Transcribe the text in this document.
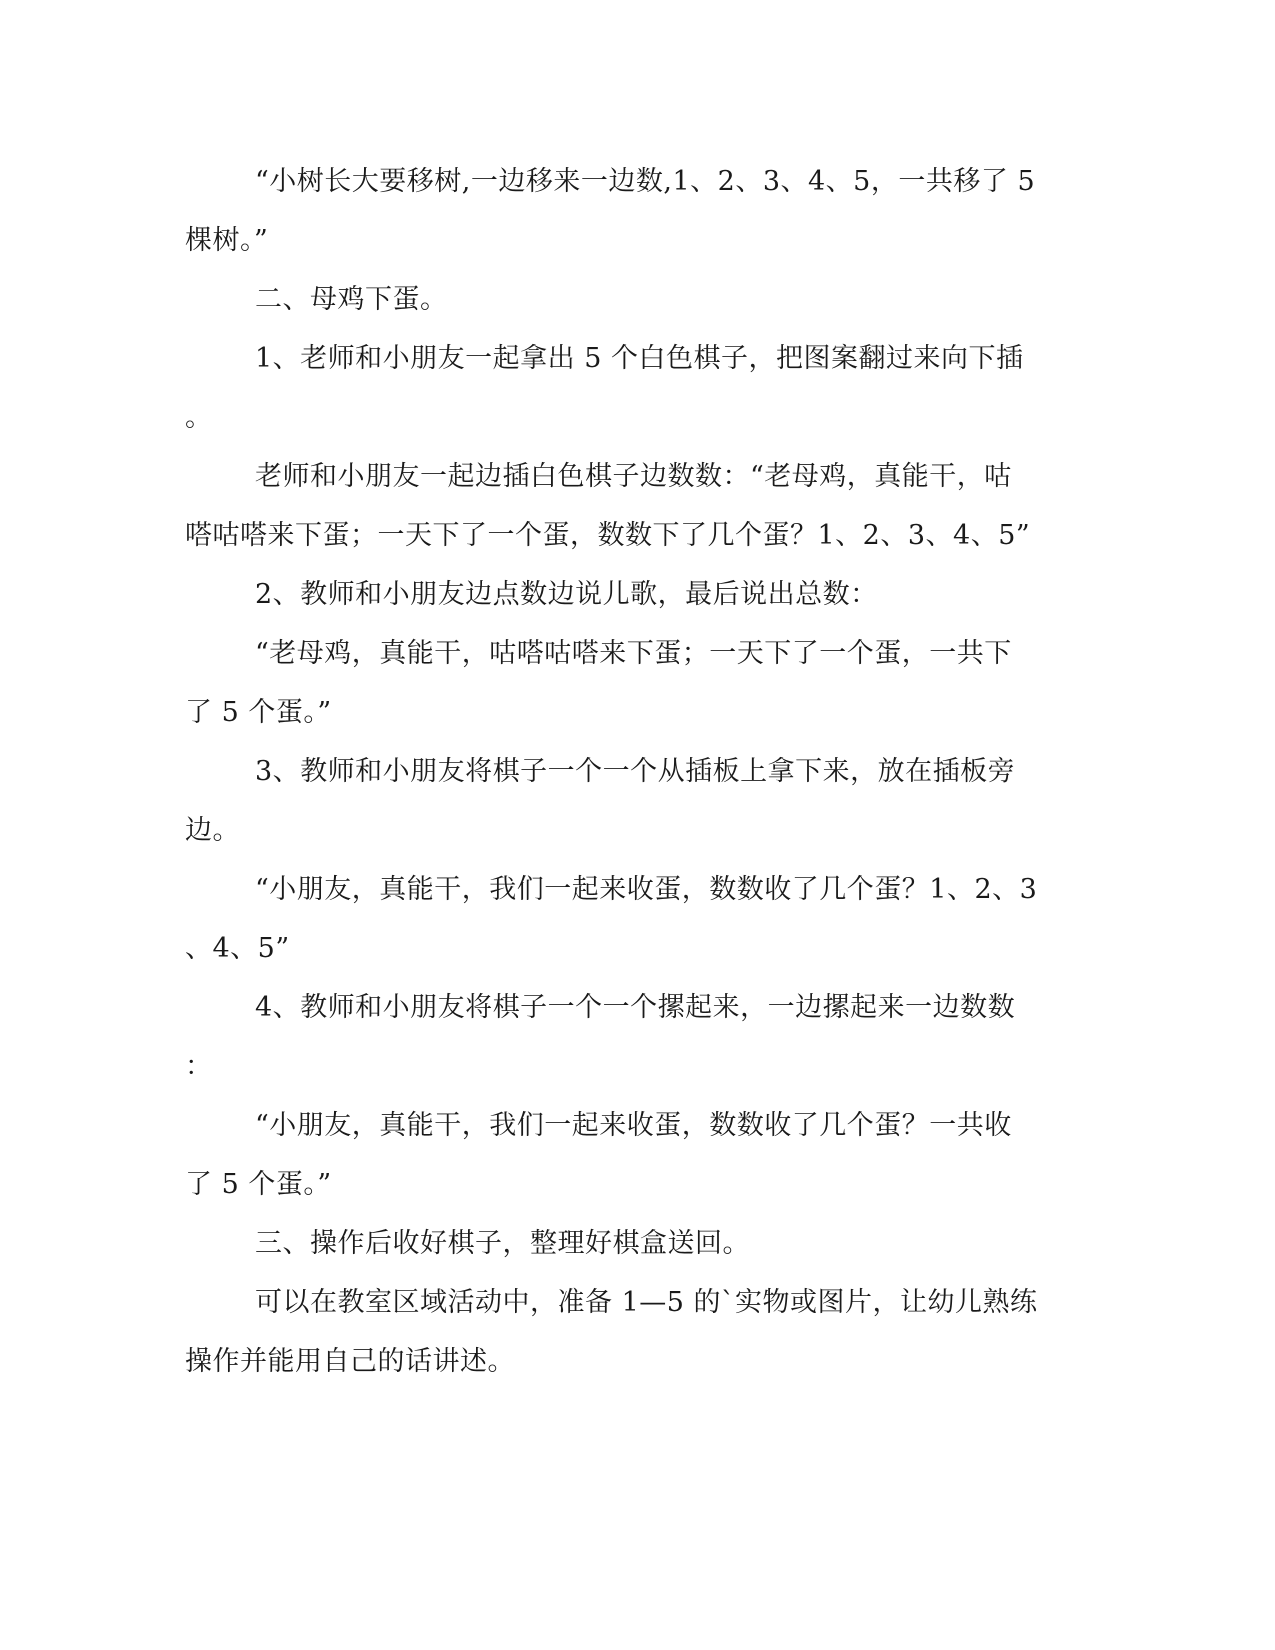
“小树长大要移树,一边移来一边数,1、2、3、4、5，一共移了 5
棵树。”
二、母鸡下蛋。
1、老师和小朋友一起拿出 5 个白色棋子，把图案翻过来向下插
。
老师和小朋友一起边插白色棋子边数数：“老母鸡，真能干，咕
嗒咕嗒来下蛋；一天下了一个蛋，数数下了几个蛋？1、2、3、4、5”
2、教师和小朋友边点数边说儿歌，最后说出总数：
“老母鸡，真能干，咕嗒咕嗒来下蛋；一天下了一个蛋，一共下
了 5 个蛋。”
3、教师和小朋友将棋子一个一个从插板上拿下来，放在插板旁
边。
“小朋友，真能干，我们一起来收蛋，数数收了几个蛋？1、2、3
、4、5”
4、教师和小朋友将棋子一个一个摞起来，一边摞起来一边数数
：
“小朋友，真能干，我们一起来收蛋，数数收了几个蛋？一共收
了 5 个蛋。”
三、操作后收好棋子，整理好棋盒送回。
可以在教室区域活动中，准备 1—5 的`实物或图片，让幼儿熟练
操作并能用自己的话讲述。
